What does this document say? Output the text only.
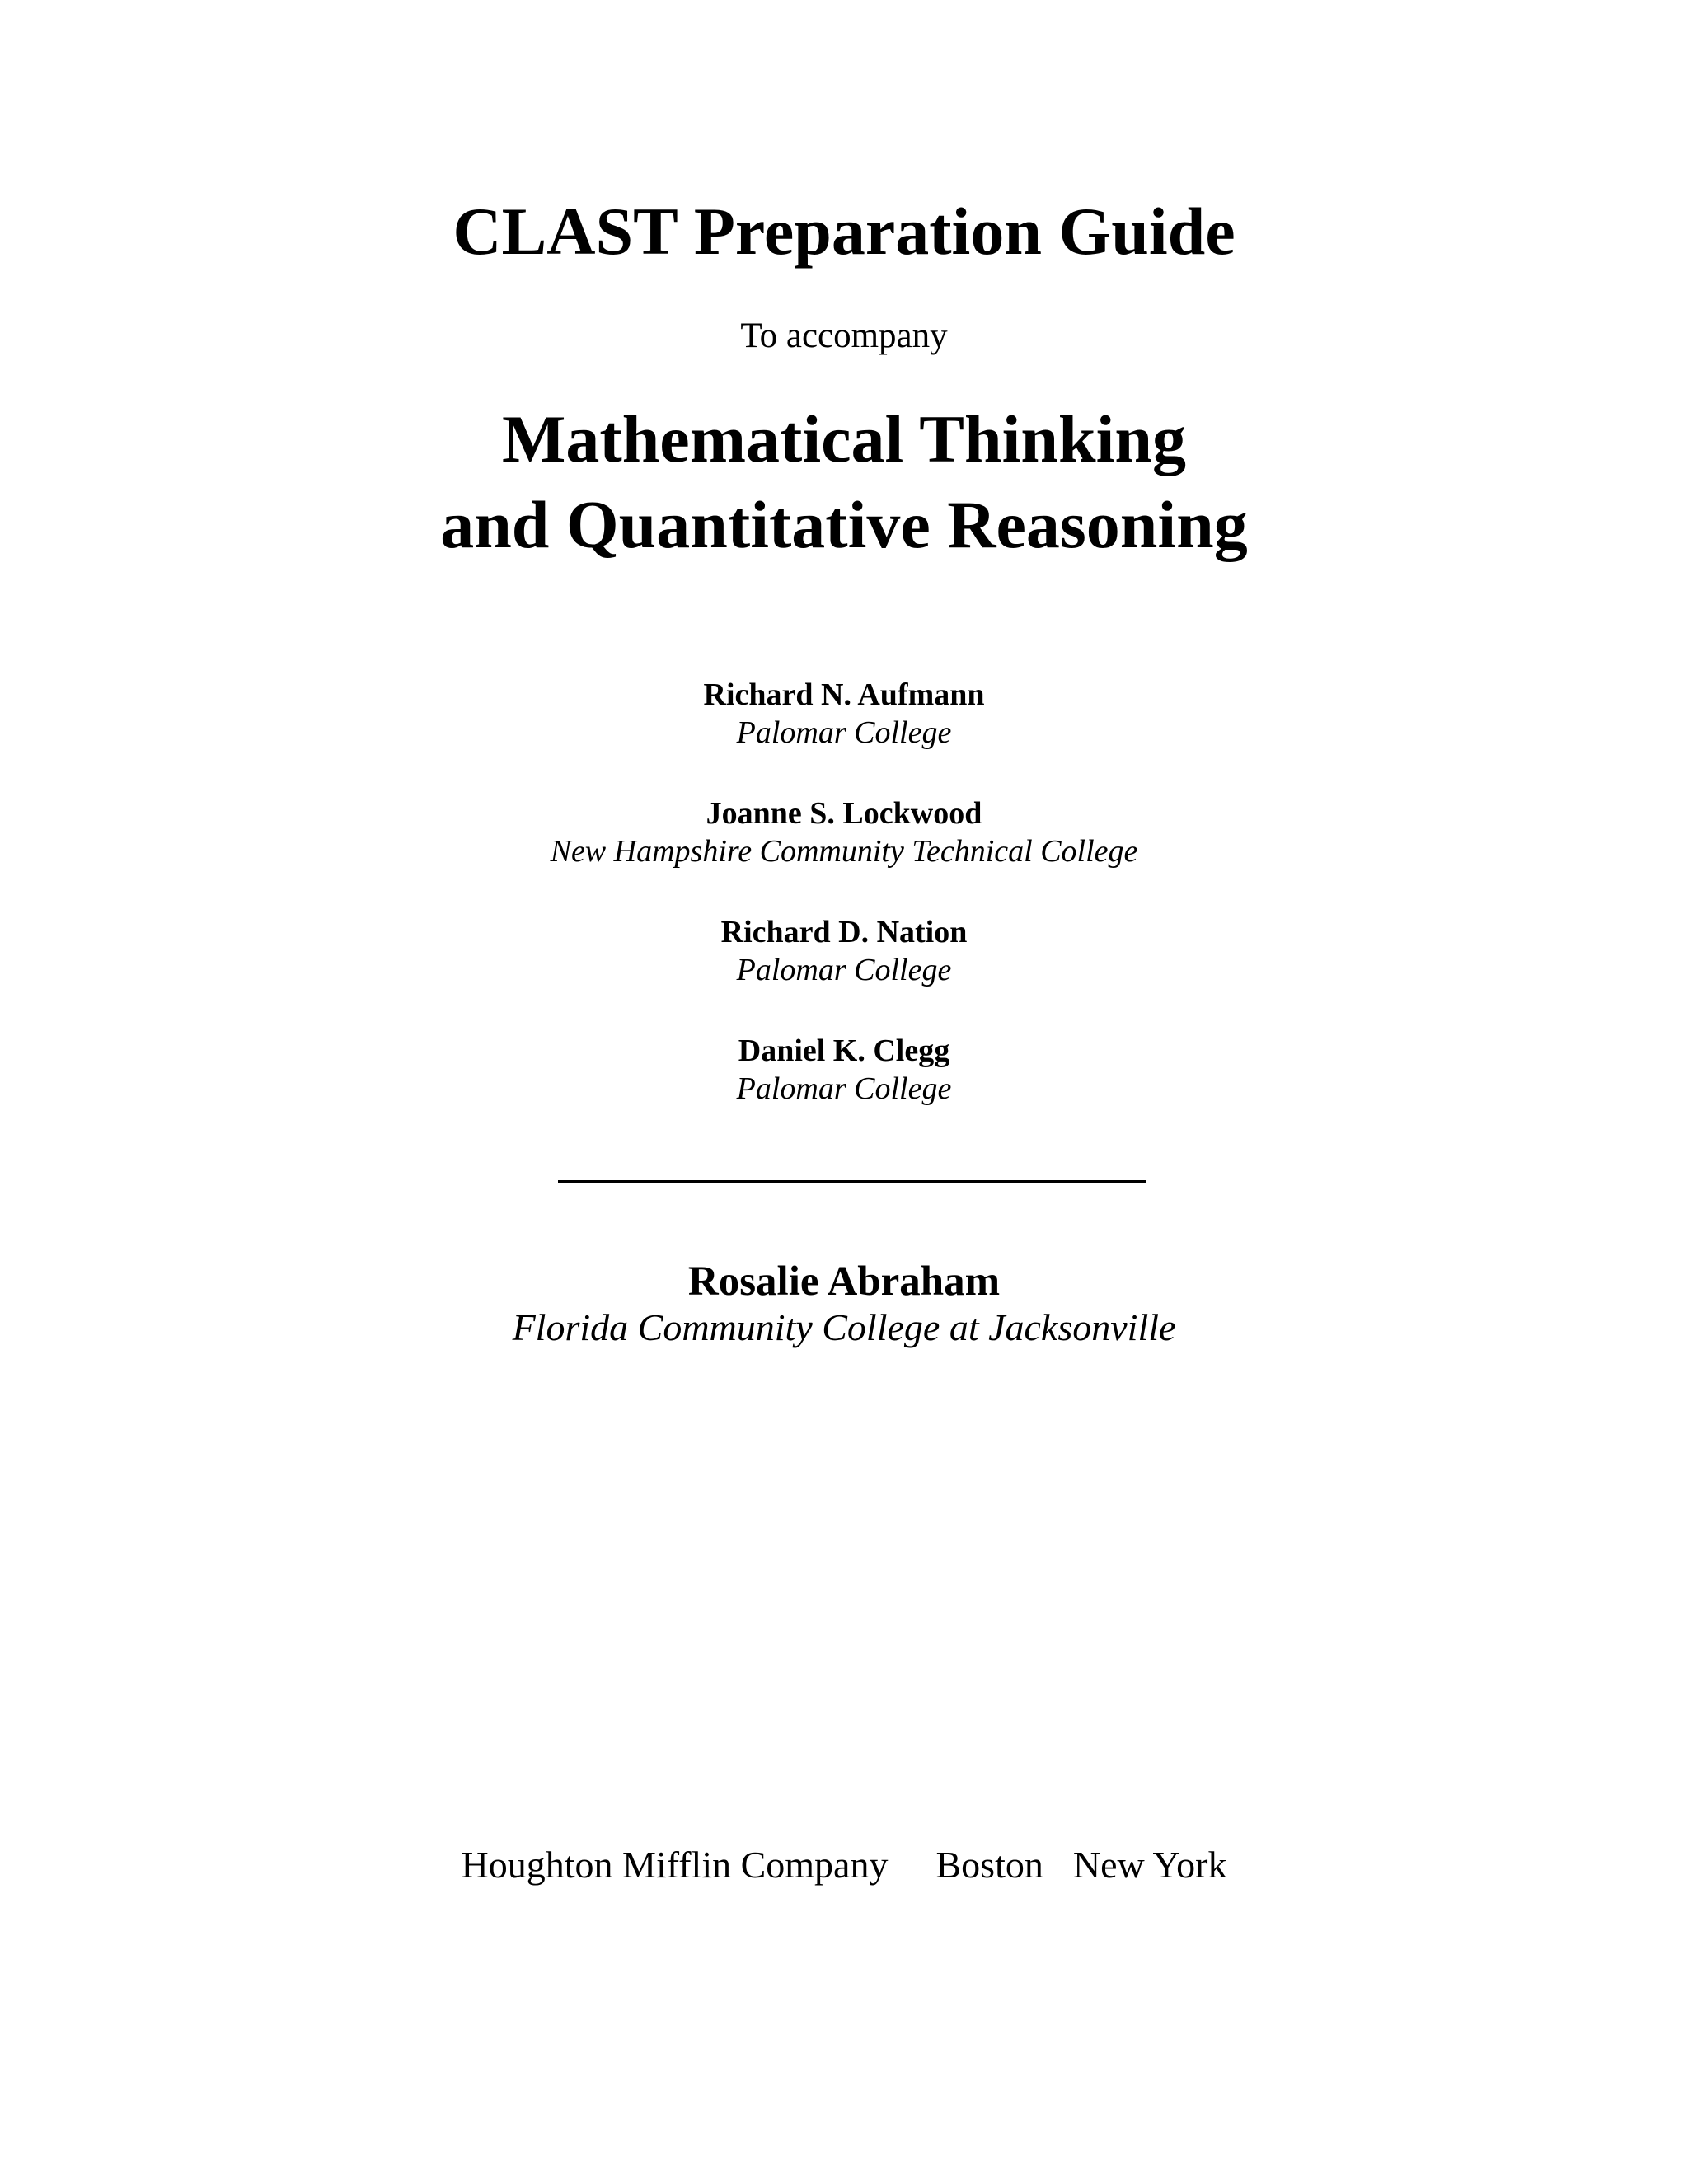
CLAST Preparation Guide
To accompany
Mathematical Thinking
and Quantitative Reasoning
Richard N. Aufmann
Palomar College
Joanne S. Lockwood
New Hampshire Community Technical College
Richard D. Nation
Palomar College
Daniel K. Clegg
Palomar College
Rosalie Abraham
Florida Community College at Jacksonville
Houghton Mifflin Company Boston New York
